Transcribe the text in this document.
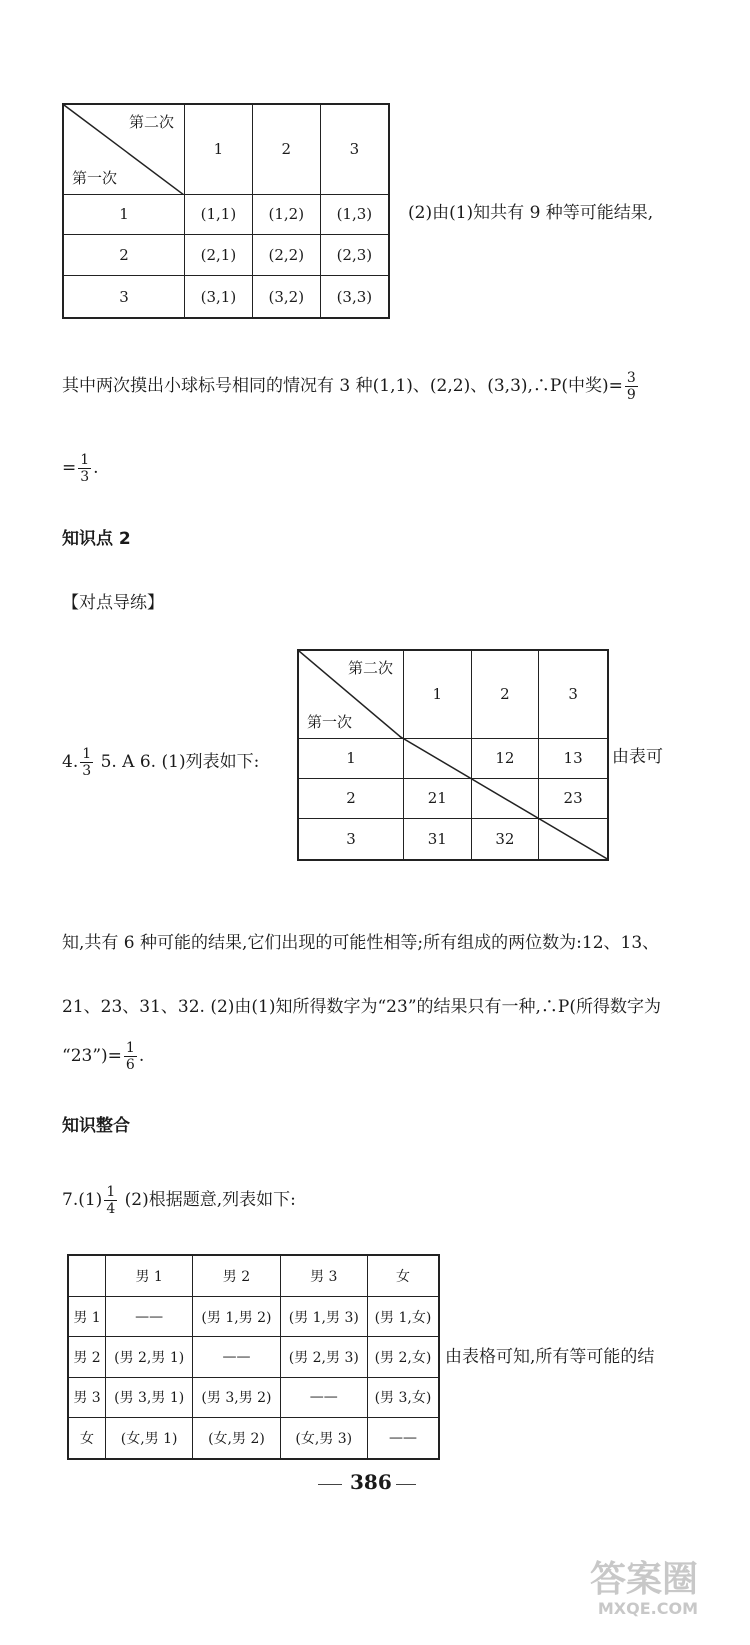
第二次
第一次	1	2	3
1	(1,1)	(1,2)	(1,3)
2	(2,1)	(2,2)	(2,3)
3	(3,1)	(3,2)	(3,3)
(2)由(1)知共有 9 种等可能结果,
其中两次摸出小球标号相同的情况有 3 种(1,1)、(2,2)、(3,3),∴P(中奖)= $\frac{3}{9}$
= $\frac{1}{3}$ .
知识点 2
【对点导练】
4. $\frac{1}{3} 5$. A 6. (1)列表如下:
第二次
第一次	1	2	3
1		12	13
2	21		23
3	31	32	
由表可
知,共有 6 种可能的结果,它们出现的可能性相等;所有组成的两位数为:12、13、
21、23、31、32. (2)由(1)知所得数字为“23”的结果只有一种,∴P(所得数字为
“23”)= $\frac{1}{6}$ .
知识整合
$7.(1) \frac{1}{4} (2)$根据题意,列表如下:
	男 1	男 2	男 3	女
男 1	——	(男 1,男 2)	(男 1,男 3)	(男 1,女)
男 2	(男 2,男 1)	——	(男 2,男 3)	(男 2,女)
男 3	(男 3,男 1)	(男 3,男 2)	——	(男 3,女)
女	(女,男 1)	(女,男 2)	(女,男 3)	——
由表格可知,所有等可能的结
386
答案圈
MXQE.COM
